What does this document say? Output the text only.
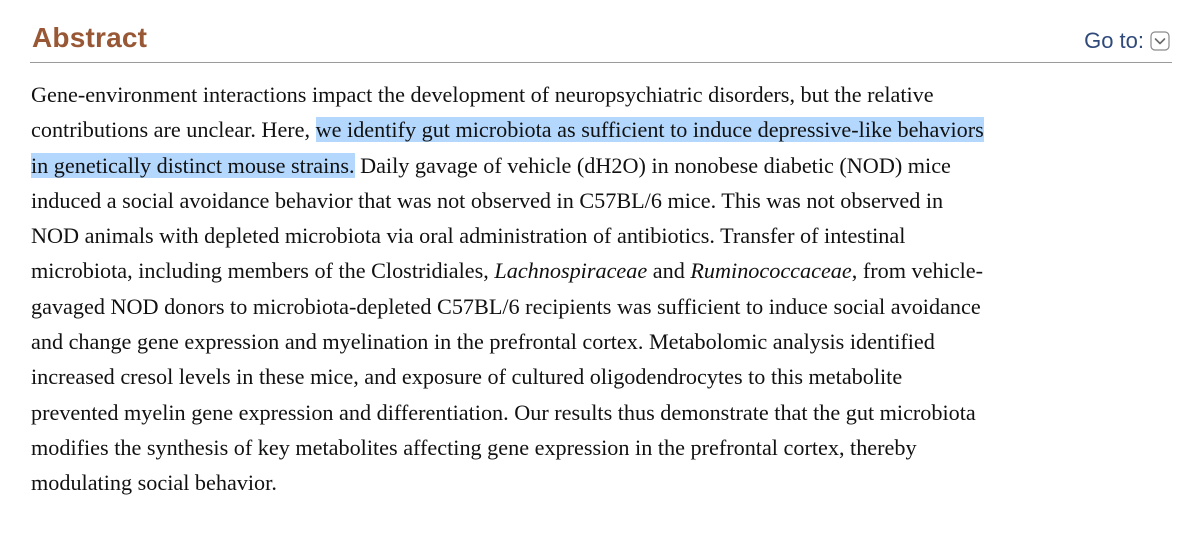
Abstract	Go to:

Gene-environment interactions impact the development of neuropsychiatric disorders, but the relative
contributions are unclear. Here, we identify gut microbiota as sufficient to induce depressive-like behaviors
in genetically distinct mouse strains. Daily gavage of vehicle (dH2O) in nonobese diabetic (NOD) mice
induced a social avoidance behavior that was not observed in C57BL/6 mice. This was not observed in
NOD animals with depleted microbiota via oral administration of antibiotics. Transfer of intestinal
microbiota, including members of the Clostridiales, Lachnospiraceae and Ruminococcaceae, from vehicle-
gavaged NOD donors to microbiota-depleted C57BL/6 recipients was sufficient to induce social avoidance
and change gene expression and myelination in the prefrontal cortex. Metabolomic analysis identified
increased cresol levels in these mice, and exposure of cultured oligodendrocytes to this metabolite
prevented myelin gene expression and differentiation. Our results thus demonstrate that the gut microbiota
modifies the synthesis of key metabolites affecting gene expression in the prefrontal cortex, thereby
modulating social behavior.
